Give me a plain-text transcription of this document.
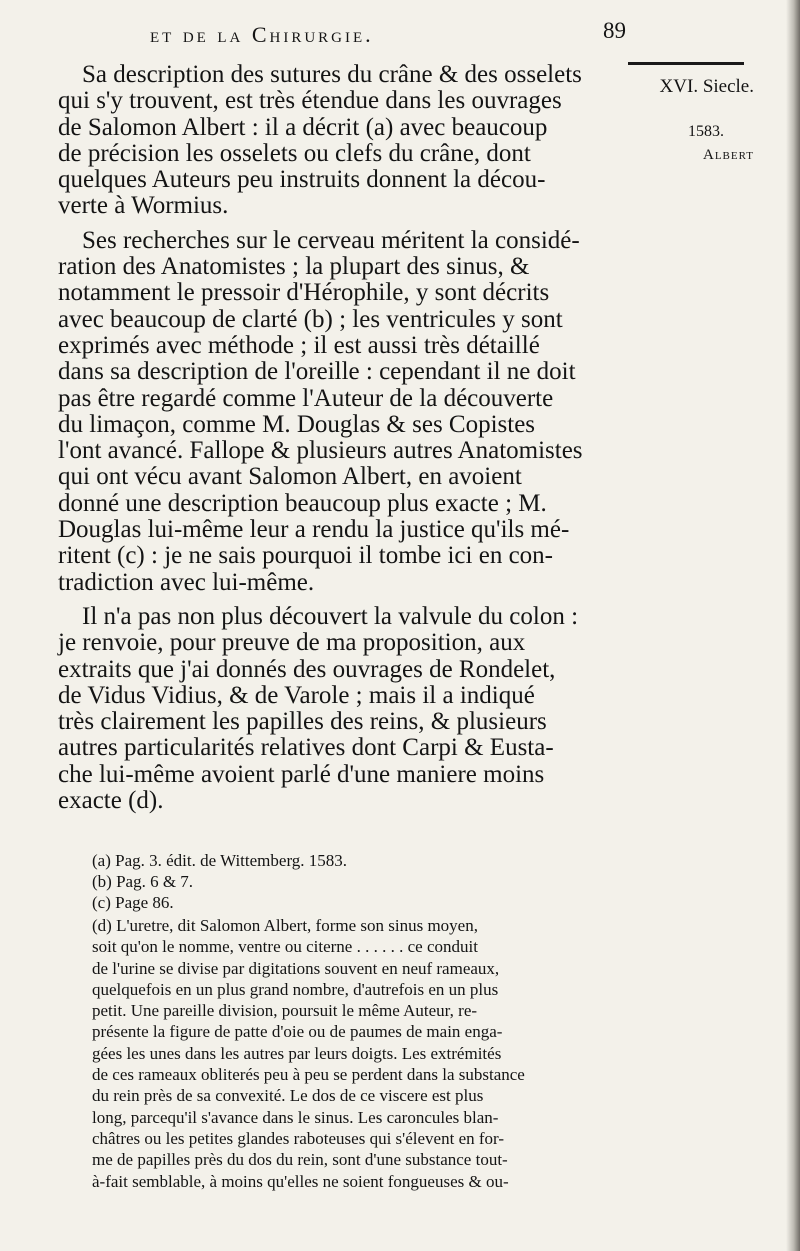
et de la Chirurgie.	89
XVI. Siecle.
1583.
Albert
Sa description des sutures du crâne & des osselets
qui s'y trouvent, est très étendue dans les ouvrages
de Salomon Albert : il a décrit (a) avec beaucoup
de précision les osselets ou clefs du crâne, dont
quelques Auteurs peu instruits donnent la décou-
verte à Wormius.
Ses recherches sur le cerveau méritent la considé-
ration des Anatomistes ; la plupart des sinus, &
notamment le pressoir d'Hérophile, y sont décrits
avec beaucoup de clarté (b) ; les ventricules y sont
exprimés avec méthode ; il est aussi très détaillé
dans sa description de l'oreille : cependant il ne doit
pas être regardé comme l'Auteur de la découverte
du limaçon, comme M. Douglas & ses Copistes
l'ont avancé. Fallope & plusieurs autres Anatomistes
qui ont vécu avant Salomon Albert, en avoient
donné une description beaucoup plus exacte ; M.
Douglas lui-même leur a rendu la justice qu'ils mé-
ritent (c) : je ne sais pourquoi il tombe ici en con-
tradiction avec lui-même.
Il n'a pas non plus découvert la valvule du colon :
je renvoie, pour preuve de ma proposition, aux
extraits que j'ai donnés des ouvrages de Rondelet,
de Vidus Vidius, & de Varole ; mais il a indiqué
très clairement les papilles des reins, & plusieurs
autres particularités relatives dont Carpi & Eusta-
che lui-même avoient parlé d'une maniere moins
exacte (d).
(a) Pag. 3. édit. de Wittemberg. 1583.
(b) Pag. 6 & 7.
(c) Page 86.
(d) L'uretre, dit Salomon Albert, forme son sinus moyen,
soit qu'on le nomme, ventre ou citerne . . . . . . ce conduit
de l'urine se divise par digitations souvent en neuf rameaux,
quelquefois en un plus grand nombre, d'autrefois en un plus
petit. Une pareille division, poursuit le même Auteur, re-
présente la figure de patte d'oie ou de paumes de main enga-
gées les unes dans les autres par leurs doigts. Les extrémités
de ces rameaux obliterés peu à peu se perdent dans la substance
du rein près de sa convexité. Le dos de ce viscere est plus
long, parcequ'il s'avance dans le sinus. Les caroncules blan-
châtres ou les petites glandes raboteuses qui s'élevent en for-
me de papilles près du dos du rein, sont d'une substance tout-
à-fait semblable, à moins qu'elles ne soient fongueuses & ou-
